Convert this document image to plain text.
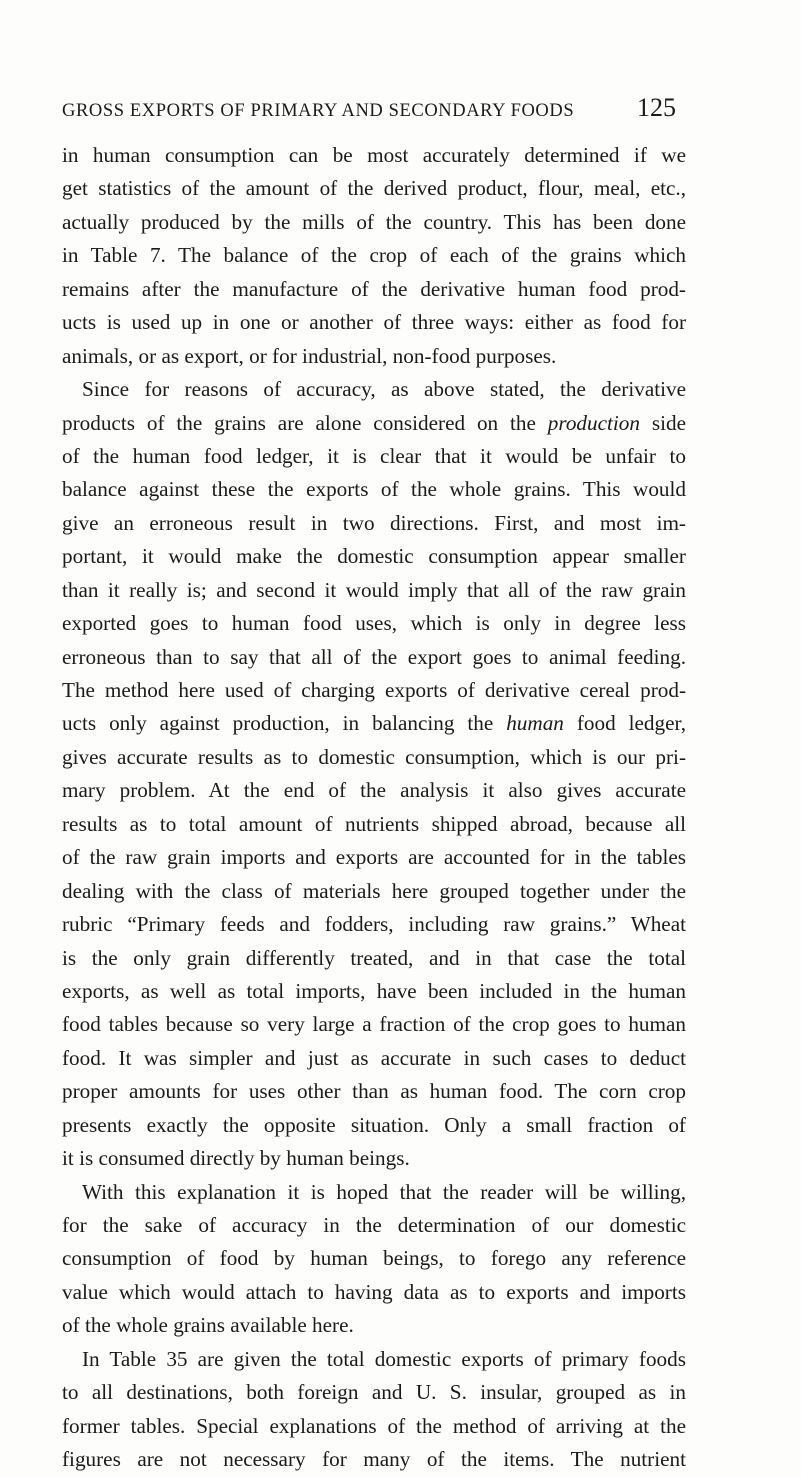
GROSS EXPORTS OF PRIMARY AND SECONDARY FOODS 125
in human consumption can be most accurately determined if we
get statistics of the amount of the derived product, flour, meal, etc.,
actually produced by the mills of the country. This has been done
in Table 7. The balance of the crop of each of the grains which
remains after the manufacture of the derivative human food prod-
ucts is used up in one or another of three ways: either as food for
animals, or as export, or for industrial, non-food purposes.
Since for reasons of accuracy, as above stated, the derivative
products of the grains are alone considered on the production side
of the human food ledger, it is clear that it would be unfair to
balance against these the exports of the whole grains. This would
give an erroneous result in two directions. First, and most im-
portant, it would make the domestic consumption appear smaller
than it really is; and second it would imply that all of the raw grain
exported goes to human food uses, which is only in degree less
erroneous than to say that all of the export goes to animal feeding.
The method here used of charging exports of derivative cereal prod-
ucts only against production, in balancing the human food ledger,
gives accurate results as to domestic consumption, which is our pri-
mary problem. At the end of the analysis it also gives accurate
results as to total amount of nutrients shipped abroad, because all
of the raw grain imports and exports are accounted for in the tables
dealing with the class of materials here grouped together under the
rubric “Primary feeds and fodders, including raw grains.” Wheat
is the only grain differently treated, and in that case the total
exports, as well as total imports, have been included in the human
food tables because so very large a fraction of the crop goes to human
food. It was simpler and just as accurate in such cases to deduct
proper amounts for uses other than as human food. The corn crop
presents exactly the opposite situation. Only a small fraction of
it is consumed directly by human beings.
With this explanation it is hoped that the reader will be willing,
for the sake of accuracy in the determination of our domestic
consumption of food by human beings, to forego any reference
value which would attach to having data as to exports and imports
of the whole grains available here.
In Table 35 are given the total domestic exports of primary foods
to all destinations, both foreign and U. S. insular, grouped as in
former tables. Special explanations of the method of arriving at the
figures are not necessary for many of the items. The nutrient
